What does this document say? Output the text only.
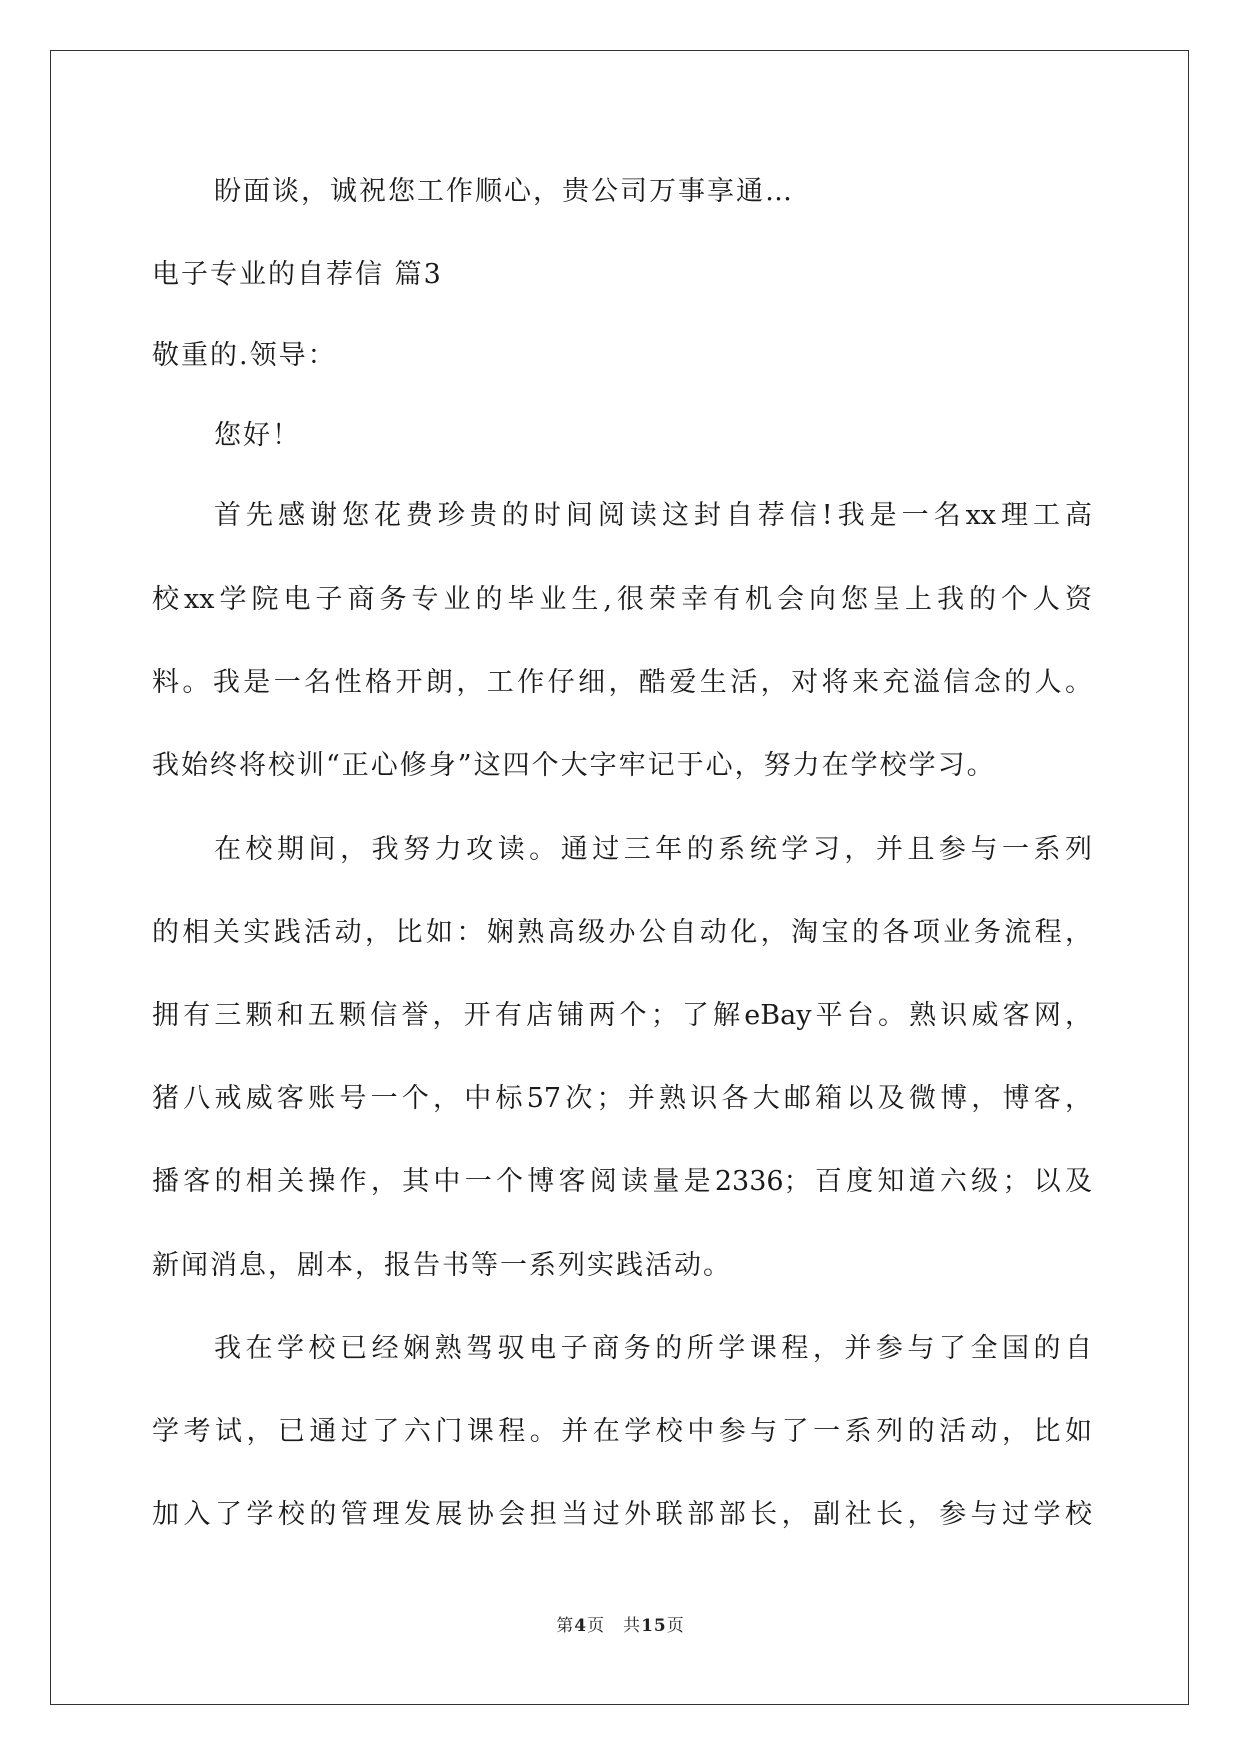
盼面谈，诚祝您工作顺心，贵公司万事享通…
电子专业的自荐信 篇3
敬重的.领导：
您好！
首先感谢您花费珍贵的时间阅读这封自荐信!我是一名xx理工高
校xx学院电子商务专业的毕业生,很荣幸有机会向您呈上我的个人资
料。我是一名性格开朗，工作仔细，酷爱生活，对将来充溢信念的人。
我始终将校训“正心修身”这四个大字牢记于心，努力在学校学习。
在校期间，我努力攻读。通过三年的系统学习，并且参与一系列
的相关实践活动，比如：娴熟高级办公自动化，淘宝的各项业务流程，
拥有三颗和五颗信誉，开有店铺两个；了解eBay平台。熟识威客网，
猪八戒威客账号一个，中标57次；并熟识各大邮箱以及微博，博客，
播客的相关操作，其中一个博客阅读量是2336；百度知道六级；以及
新闻消息，剧本，报告书等一系列实践活动。
我在学校已经娴熟驾驭电子商务的所学课程，并参与了全国的自
学考试，已通过了六门课程。并在学校中参与了一系列的活动，比如
加入了学校的管理发展协会担当过外联部部长，副社长，参与过学校
第4页 共15页
